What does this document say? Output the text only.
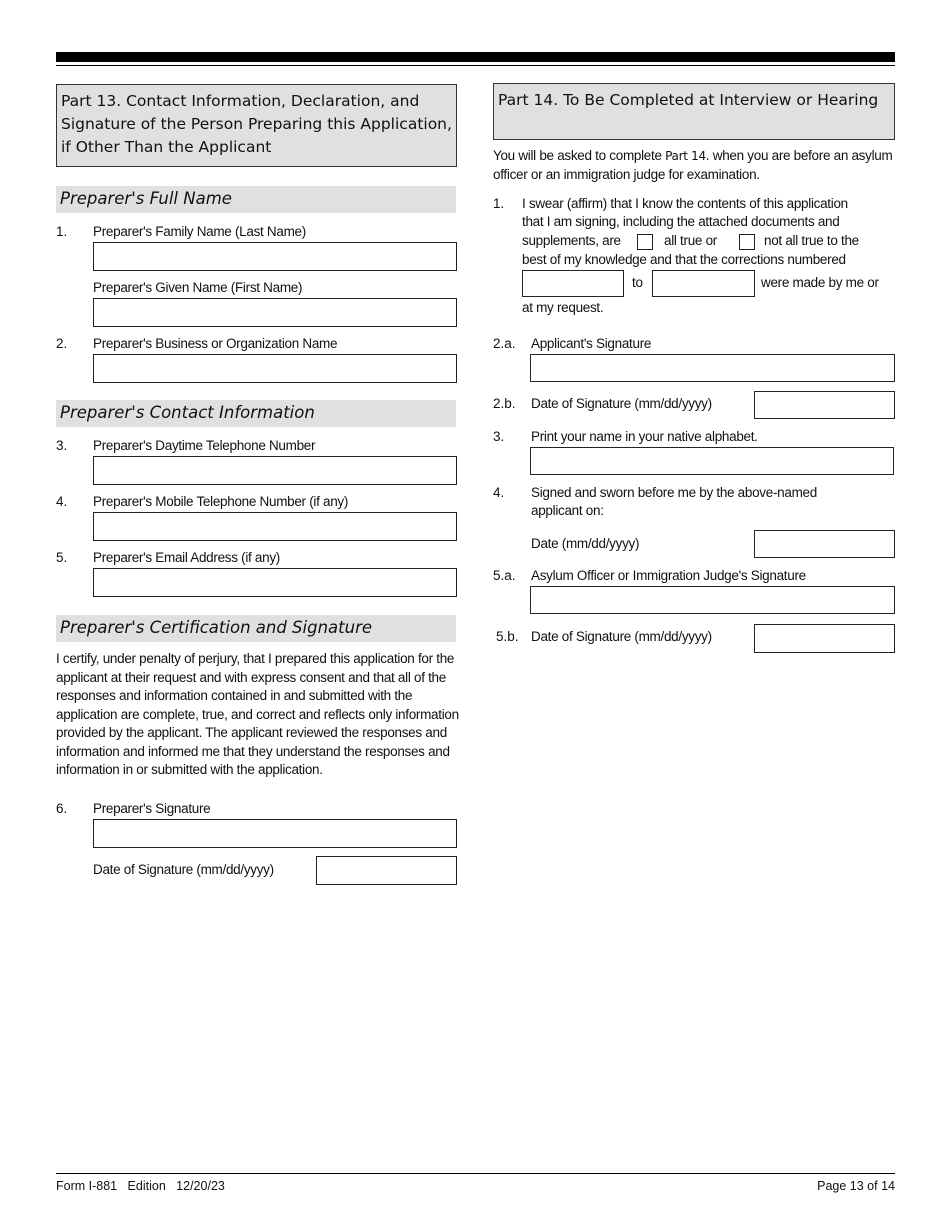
Part 13. Contact Information, Declaration, and Signature of the Person Preparing this Application, if Other Than the Applicant
Preparer's Full Name
1. Preparer's Family Name (Last Name)
Preparer's Given Name (First Name)
2. Preparer's Business or Organization Name
Preparer's Contact Information
3. Preparer's Daytime Telephone Number
4. Preparer's Mobile Telephone Number (if any)
5. Preparer's Email Address (if any)
Preparer's Certification and Signature
I certify, under penalty of perjury, that I prepared this application for the applicant at their request and with express consent and that all of the responses and information contained in and submitted with the application are complete, true, and correct and reflects only information provided by the applicant. The applicant reviewed the responses and information and informed me that they understand the responses and information in or submitted with the application.
6. Preparer's Signature
Date of Signature (mm/dd/yyyy)
Part 14. To Be Completed at Interview or Hearing
You will be asked to complete Part 14. when you are before an asylum officer or an immigration judge for examination.
1. I swear (affirm) that I know the contents of this application
that I am signing, including the attached documents and
supplements, are	all true or	not all true to the
best of my knowledge and that the corrections numbered
to	were made by me or
at my request.
2.a. Applicant's Signature
2.b. Date of Signature (mm/dd/yyyy)
3. Print your name in your native alphabet.
4. Signed and sworn before me by the above-named
applicant on:
Date (mm/dd/yyyy)
5.a. Asylum Officer or Immigration Judge's Signature
5.b. Date of Signature (mm/dd/yyyy)
Form I-881   Edition   12/20/23	Page 13 of 14
